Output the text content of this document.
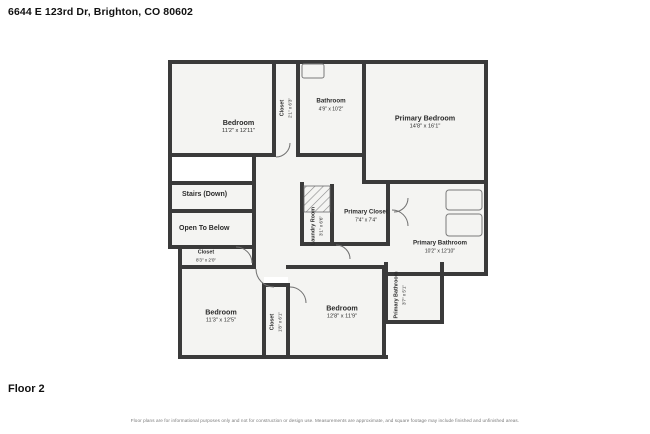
6644 E 123rd Dr, Brighton, CO 80602
Bedroom
11'2" x 12'11"
Closet 2'1" x 6'3"	Bathroom
4'9" x 10'2"
Primary Bedroom
14'8" x 16'1"
Primary Closet
7'4" x 7'4"
Laundry Room 3'1" x 6'6"
Primary Bathroom
10'2" x 12'10"
Primary Bathroom 3'7" x 5'1"
Closet
8'3" x 2'0"
Bedroom
11'3" x 12'5"	Closet 1'8" x 6'1"
Bedroom
12'8" x 11'9"
Stairs (Down)
Open To Below
Floor 2
Floor plans are for informational purposes only and not for construction or design use. Measurements are approximate, and square footage may include finished and unfinished areas.
